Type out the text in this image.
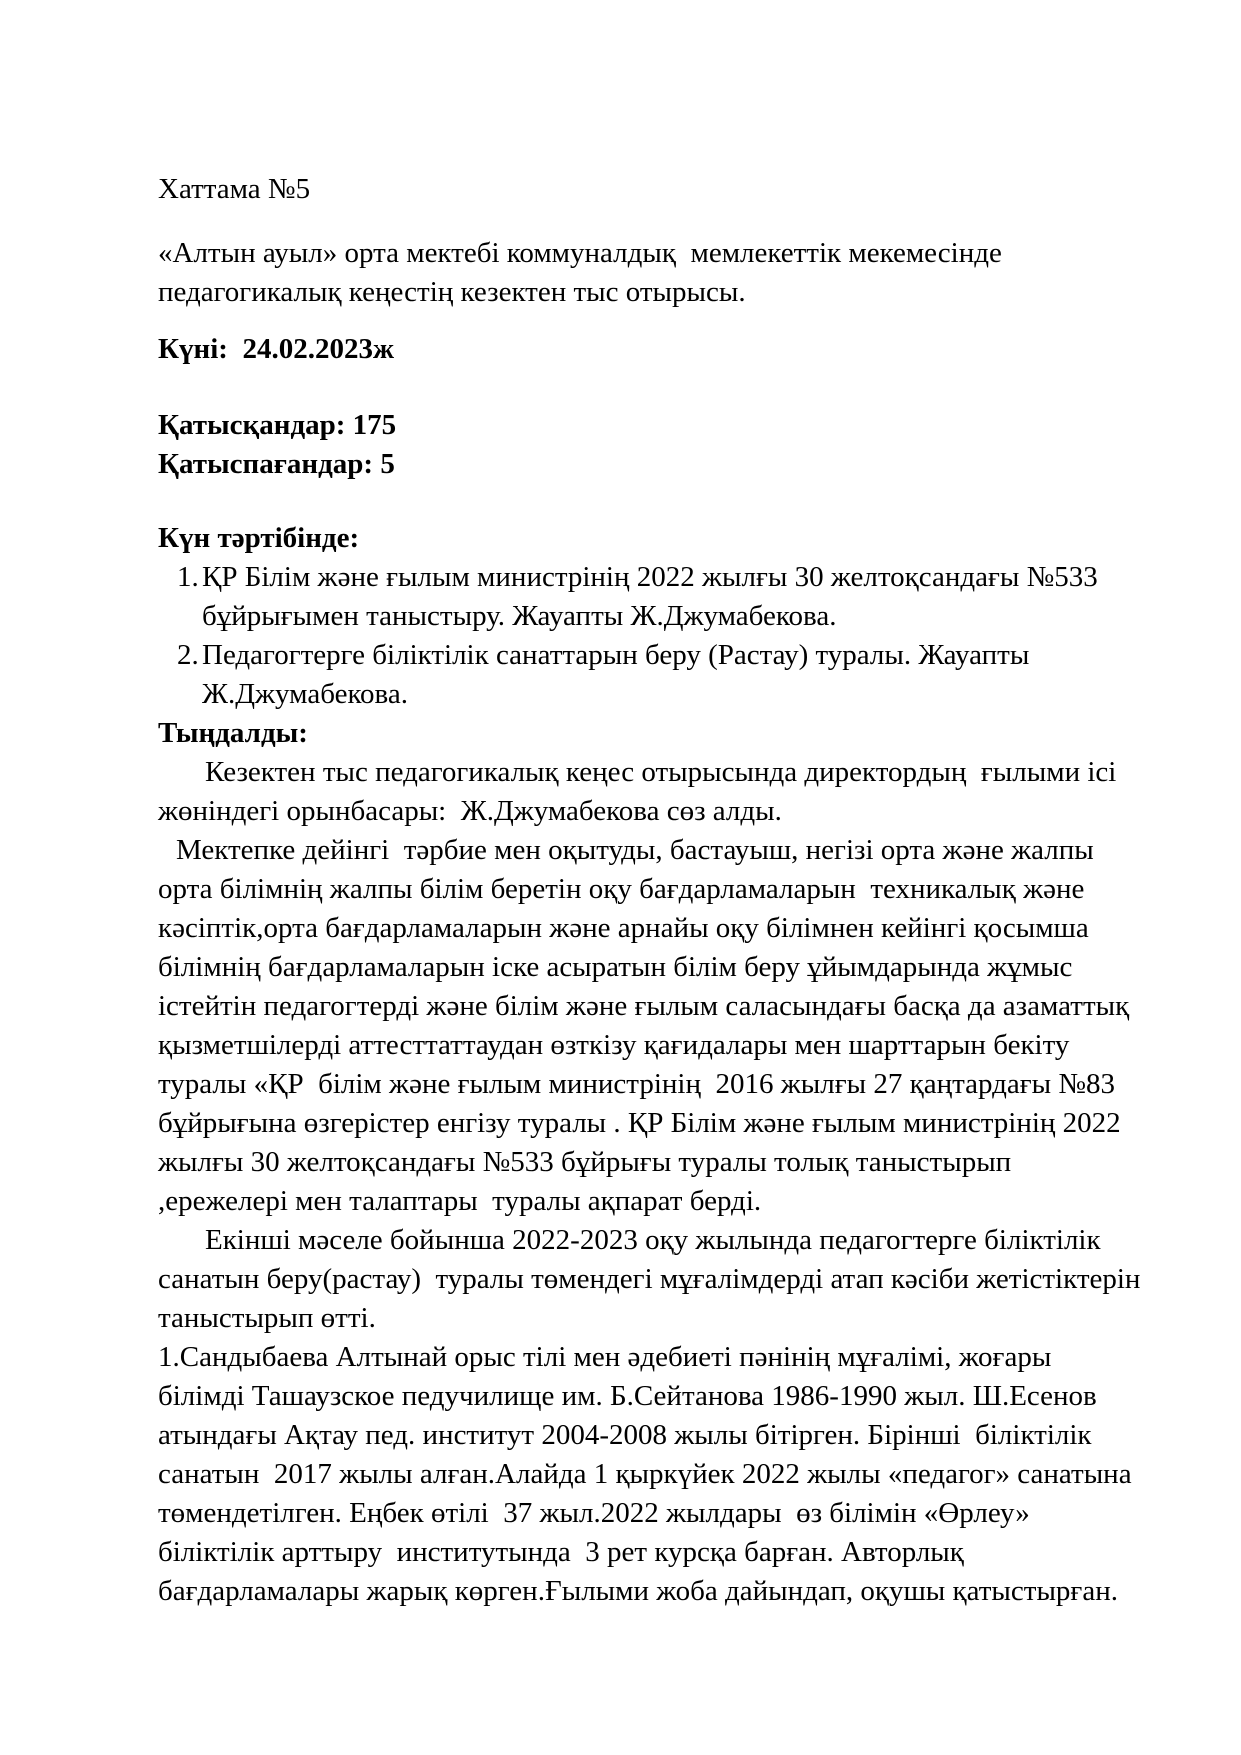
Хаттама №5

«Алтын ауыл» орта мектебі коммуналдық  мемлекеттік мекемесінде педагогикалық кеңестің кезектен тыс отырысы.

Күні:  24.02.2023ж

Қатысқандар: 175

Қатыспағандар: 5

Күн тәртібінде:

1. ҚР Білім және ғылым министрінің 2022 жылғы 30 желтоқсандағы №533 бұйрығымен таныстыру. Жауапты Ж.Джумабекова.
2. Педагогтерге біліктілік санаттарын беру (Растау) туралы. Жауапты Ж.Джумабекова.

Тыңдалды:

Кезектен тыс педагогикалық кеңес отырысында директордың  ғылыми ісі жөніндегі орынбасары:  Ж.Джумабекова сөз алды.

Мектепке дейінгі  тәрбие мен оқытуды, бастауыш, негізі орта және жалпы орта білімнің жалпы білім беретін оқу бағдарламаларын  техникалық және кәсіптік,орта бағдарламаларын және арнайы оқу білімнен кейінгі қосымша білімнің бағдарламаларын іске асыратын білім беру ұйымдарында жұмыс істейтін педагогтерді және білім және ғылым саласындағы басқа да азаматтық қызметшілерді аттесттаттаудан өзткізу қағидалары мен шарттарын бекіту туралы «ҚР  білім және ғылым министрінің  2016 жылғы 27 қаңтардағы №83 бұйрығына өзгерістер енгізу туралы . ҚР Білім және ғылым министрінің 2022 жылғы 30 желтоқсандағы №533 бұйрығы туралы толық таныстырып ,ережелері мен талаптары  туралы ақпарат берді.

Екінші мәселе бойынша 2022-2023 оқу жылында педагогтерге біліктілік санатын беру(растау)  туралы төмендегі мұғалімдерді атап кәсіби жетістіктерін таныстырып өтті.

1.Сандыбаева Алтынай орыс тілі мен әдебиеті пәнінің мұғалімі, жоғары білімді Ташаузское педучилище им. Б.Сейтанова 1986-1990 жыл. Ш.Есенов атындағы Ақтау пед. институт 2004-2008 жылы бітірген. Бірінші  біліктілік санатын  2017 жылы алған.Алайда 1 қыркүйек 2022 жылы «педагог» санатына төмендетілген. Еңбек өтілі  37 жыл.2022 жылдары  өз білімін «Өрлеу»  біліктілік арттыру  институтында  3 рет курсқа барған. Авторлық бағдарламалары жарық көрген.Ғылыми жоба дайындап, оқушы қатыстырған.
